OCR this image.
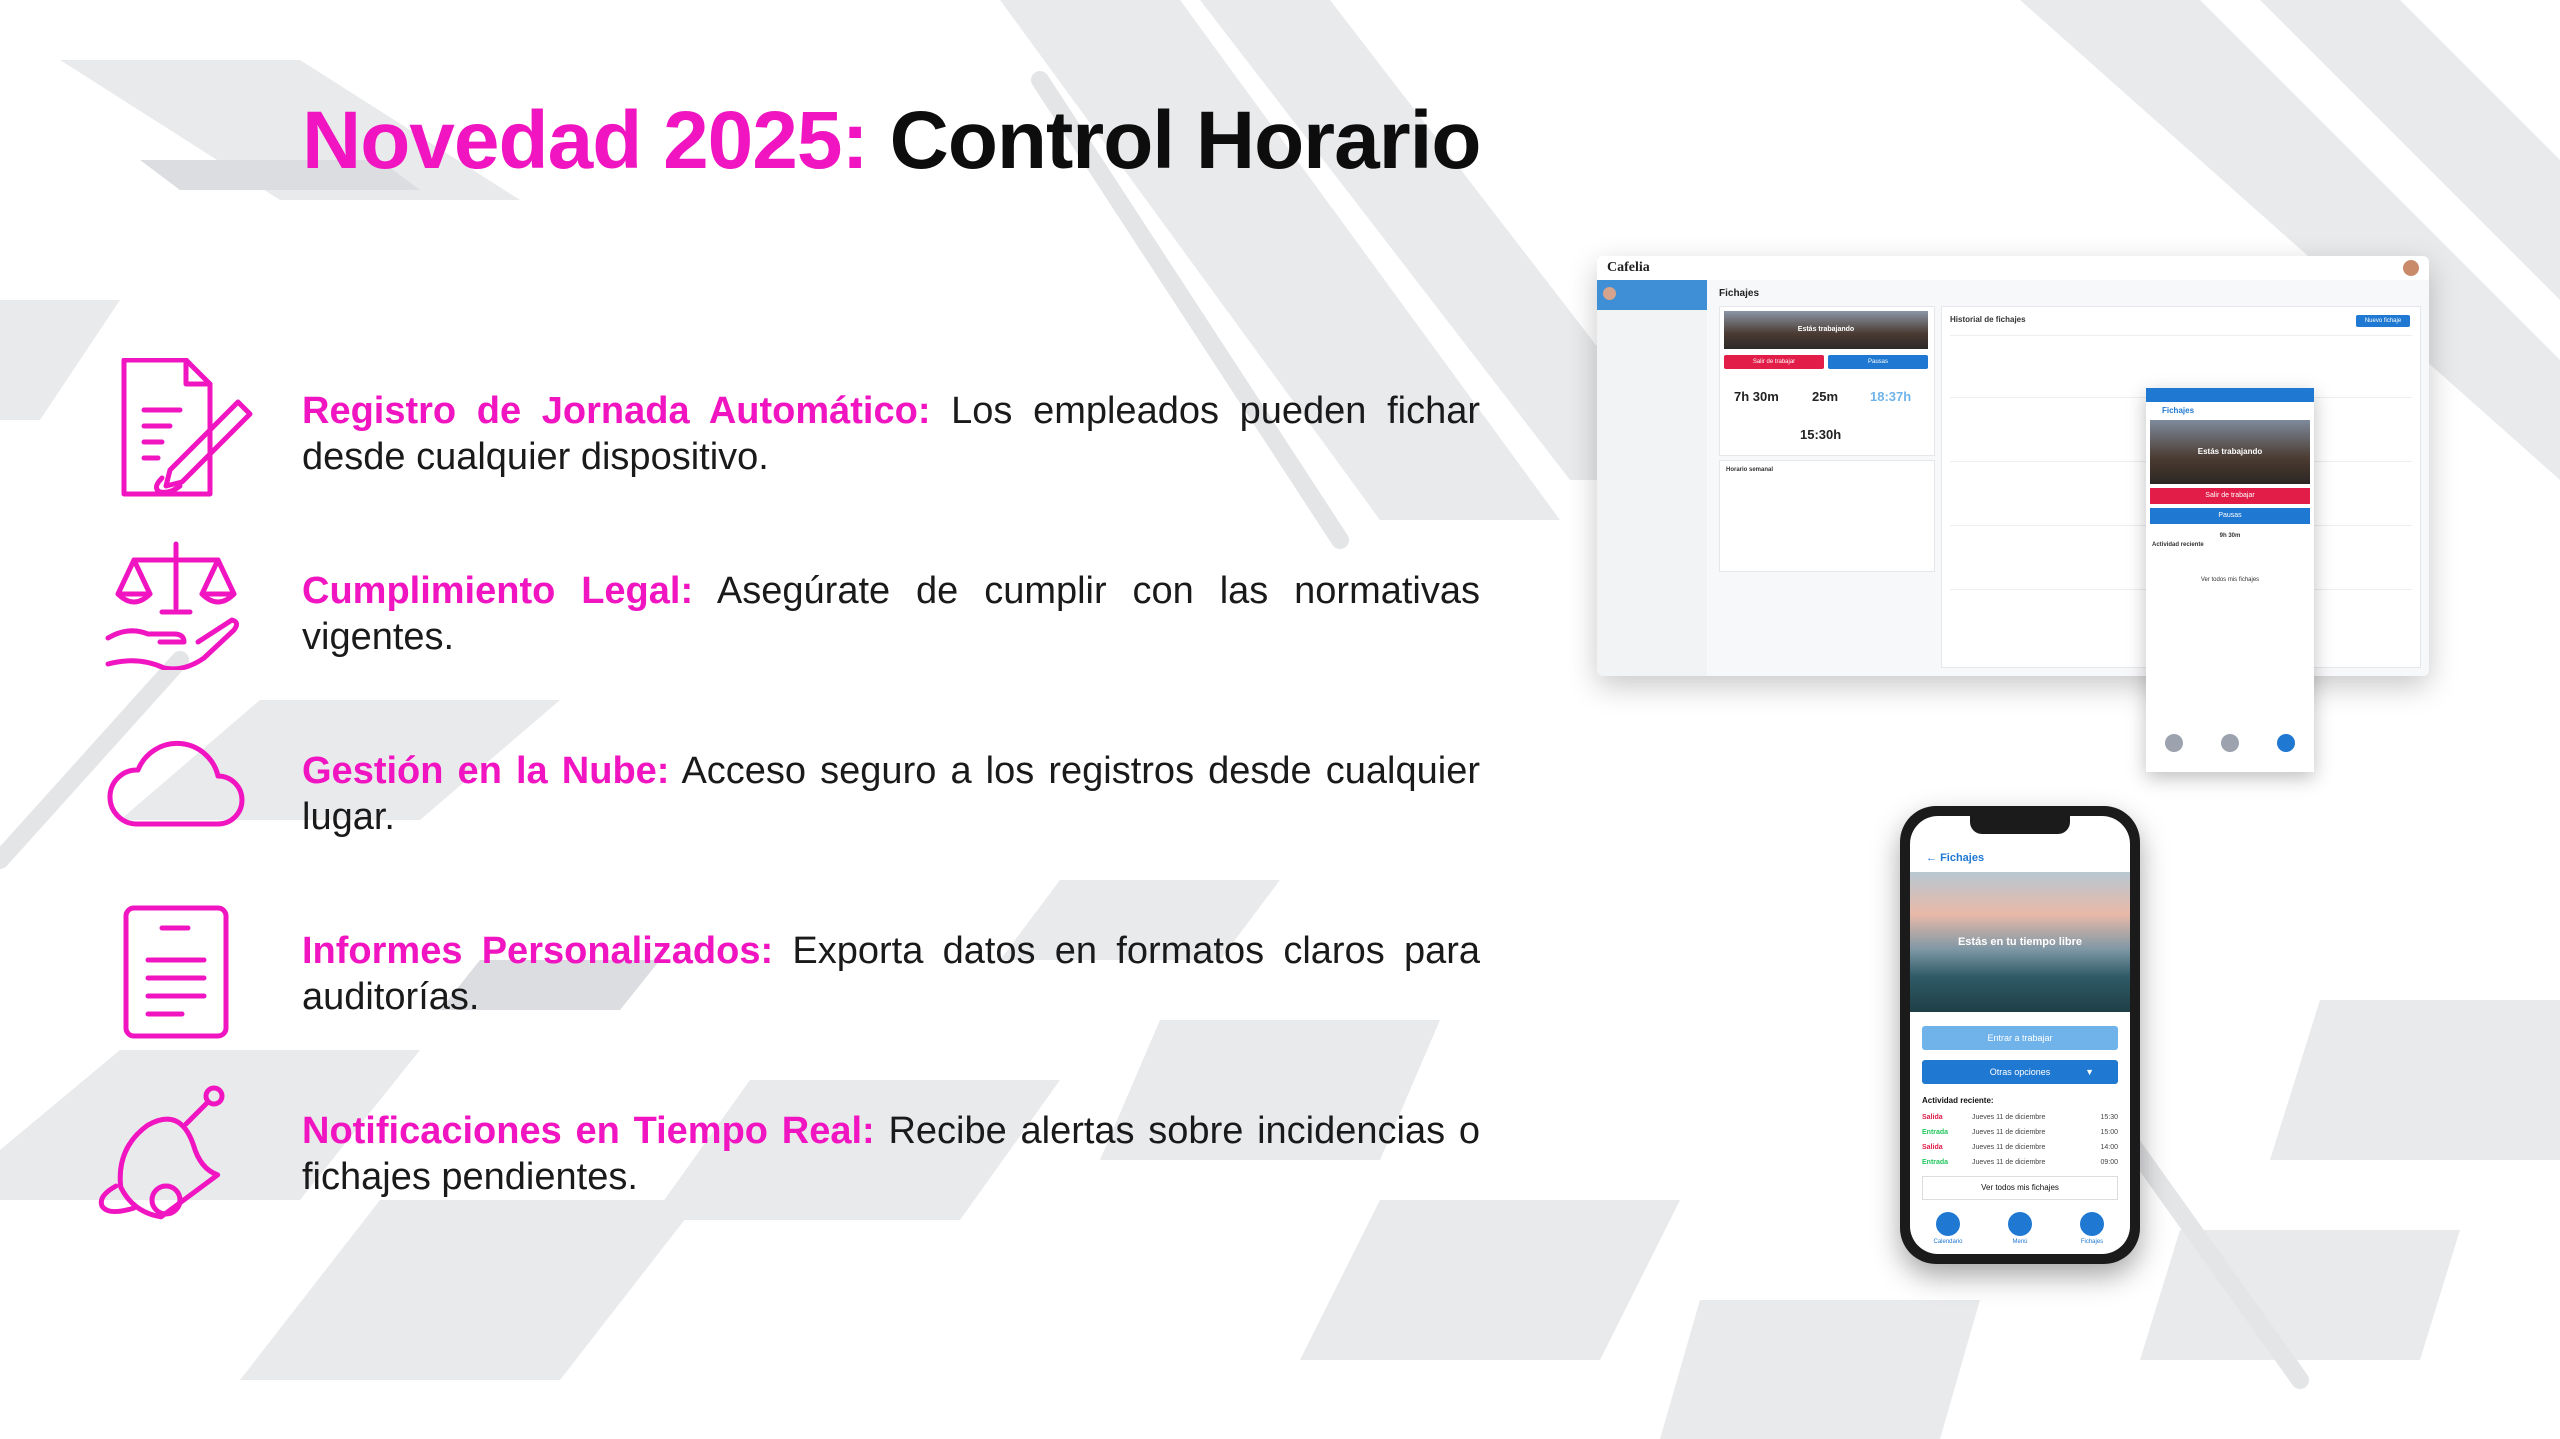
Novedad 2025: Control Horario
Registro de Jornada Automático: Los empleados pueden fichar desde cualquier dispositivo.
Cumplimiento Legal: Asegúrate de cumplir con las normativas vigentes.
Gestión en la Nube: Acceso seguro a los registros desde cualquier lugar.
Informes Personalizados: Exporta datos en formatos claros para auditorías.
Notificaciones en Tiempo Real: Recibe alertas sobre incidencias o fichajes pendientes.
Cafelia
Fichajes
Estás trabajando
Salir de trabajar	Pausas
7h 30m	25m 18:37h
15:30h
Horario semanal
Historial de fichajes	Nuevo fichaje
Fichajes
Estás trabajando
Salir de trabajar
Pausas
9h 30m
Actividad reciente
Ver todos mis fichajes
← Fichajes
Estás en tu tiempo libre
Entrar a trabajar
Otras opciones	▼
Actividad reciente:
Salida	Jueves 11 de diciembre	15:30
Entrada	Jueves 11 de diciembre	15:00
Salida	Jueves 11 de diciembre	14:00
Entrada	Jueves 11 de diciembre	09:00
Ver todos mis fichajes
Calendario	Menú	Fichajes
